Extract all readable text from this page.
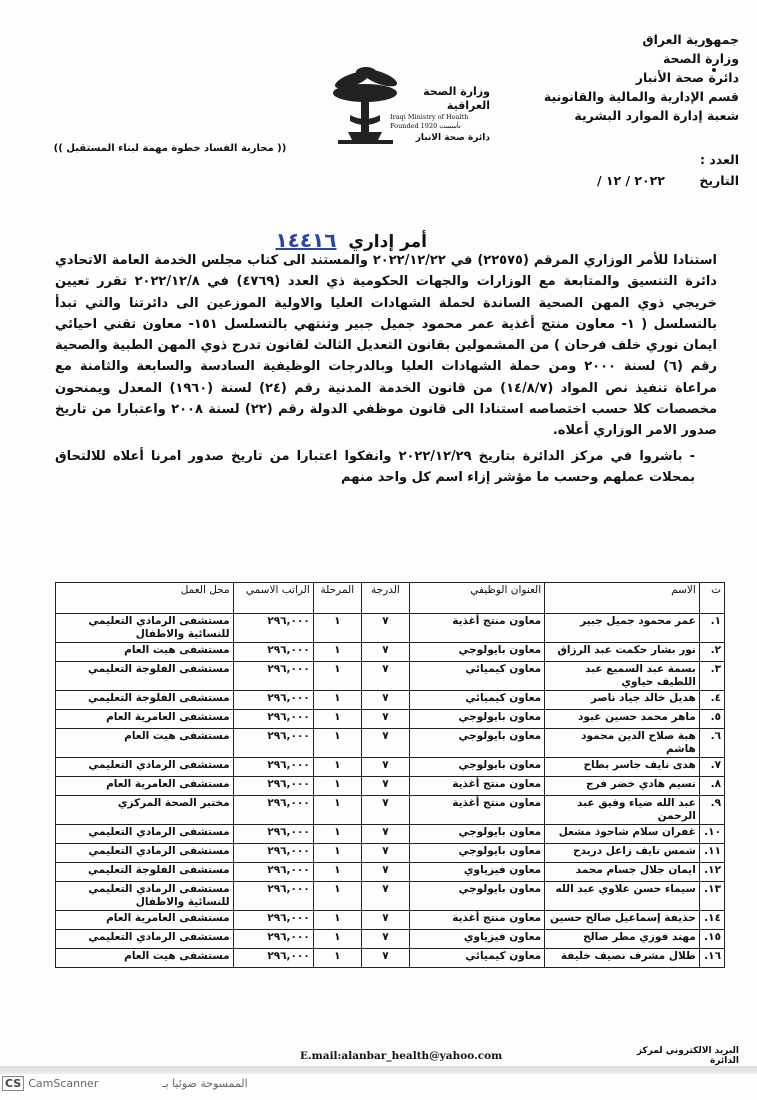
جمهورية العراق
وزارة الصحة
دائرة صحة الأنبار
قسم الإدارية والمالية والقانونية
شعبة إدارة الموارد البشرية
العدد :
التاريخ ٢٠٢٢ / ١٢ /
وزارة الصحة العراقية
Iraqi Ministry of Health
Founded 1920 تأسست
دائرة صحة الانبار
(( محاربة الفساد خطوة مهمة لبناء المستقبل ))
أمر إداري ١٤٤١٦

استنادا للأمر الوزاري المرقم (٢٢٥٧٥) في ٢٠٢٢/١٢/٢٢ والمستند الى كتاب مجلس الخدمة العامة الاتحادي دائرة التنسيق والمتابعة مع الوزارات والجهات الحكومية ذي العدد (٤٧٦٩) في ٢٠٢٢/١٢/٨ تقرر تعيين خريجي ذوي المهن الصحية الساندة لحملة الشهادات العليا والاولية الموزعين الى دائرتنا والتي تبدأ بالتسلسل ( ١- معاون منتج أغذية عمر محمود جميل جبير وتنتهي بالتسلسل ١٥١- معاون تقني احيائي ايمان نوري خلف فرحان ) من المشمولين بقانون التعديل الثالث لقانون تدرج ذوي المهن الطبية والصحية رقم (٦) لسنة ٢٠٠٠ ومن حملة الشهادات العليا وبالدرجات الوظيفية السادسة والسابعة والثامنة مع مراعاة تنفيذ نص المواد (١٤/٨/٧) من قانون الخدمة المدنية رقم (٢٤) لسنة (١٩٦٠) المعدل ويمنحون مخصصات كلا حسب اختصاصه استنادا الى قانون موظفي الدولة رقم (٢٢) لسنة ٢٠٠٨ واعتبارا من تاريخ صدور الامر الوزاري أعلاه.

- باشروا في مركز الدائرة بتاريخ ٢٠٢٢/١٢/٢٩ وانفكوا اعتبارا من تاريخ صدور امرنا أعلاه للالتحاق بمحلات عملهم وحسب ما مؤشر إزاء اسم كل واحد منهم

ت	الاسم	العنوان الوظيفي	الدرجة	المرحلة	الراتب الاسمي	محل العمل
١.	عمر محمود جميل جبير	معاون منتج أغذية	٧	١	٢٩٦,٠٠٠	مستشفى الرمادي التعليمي للنسائية والاطفال
٢.	نور بشار حكمت عبد الرزاق	معاون بايولوجي	٧	١	٢٩٦,٠٠٠	مستشفى هيت العام
٣.	بسمة عبد السميع عبد اللطيف حياوي	معاون كيميائي	٧	١	٢٩٦,٠٠٠	مستشفى الفلوجة التعليمي
٤.	هديل خالد جياد ناصر	معاون كيميائي	٧	١	٢٩٦,٠٠٠	مستشفى الفلوجة التعليمي
٥.	ماهر محمد حسين عبود	معاون بايولوجي	٧	١	٢٩٦,٠٠٠	مستشفى العامرية العام
٦.	هبة صلاح الدين محمود هاشم	معاون بايولوجي	٧	١	٢٩٦,٠٠٠	مستشفى هيت العام
٧.	هدى نايف جاسر بطاح	معاون بايولوجي	٧	١	٢٩٦,٠٠٠	مستشفى الرمادي التعليمي
٨.	نسيم هادي خضر فرج	معاون منتج أغذية	٧	١	٢٩٦,٠٠٠	مستشفى العامرية العام
٩.	عبد الله ضياء وفيق عبد الرحمن	معاون منتج أغذية	٧	١	٢٩٦,٠٠٠	مختبر الصحة المركزي
١٠.	غفران سلام شاحوذ مشعل	معاون بايولوجي	٧	١	٢٩٦,٠٠٠	مستشفى الرمادي التعليمي
١١.	شمس نايف زاعل دريدح	معاون بايولوجي	٧	١	٢٩٦,٠٠٠	مستشفى الرمادي التعليمي
١٢.	ايمان جلال جسام محمد	معاون فيزياوي	٧	١	٢٩٦,٠٠٠	مستشفى الفلوجة التعليمي
١٣.	سيماء حسن علاوي عبد الله	معاون بايولوجي	٧	١	٢٩٦,٠٠٠	مستشفى الرمادي التعليمي للنسائية والاطفال
١٤.	حذيفة إسماعيل صالح حسين	معاون منتج أغذية	٧	١	٢٩٦,٠٠٠	مستشفى العامرية العام
١٥.	مهند فوزي مطر صالح	معاون فيزياوي	٧	١	٢٩٦,٠٠٠	مستشفى الرمادي التعليمي
١٦.	طلال مشرف نصيف خليفة	معاون كيميائي	٧	١	٢٩٦,٠٠٠	مستشفى هيت العام
E.mail:alanbar_health@yahoo.com	البريد الالكتروني لمركز الدائرة
CS CamScanner	الممسوحة ضوئيا بـ
